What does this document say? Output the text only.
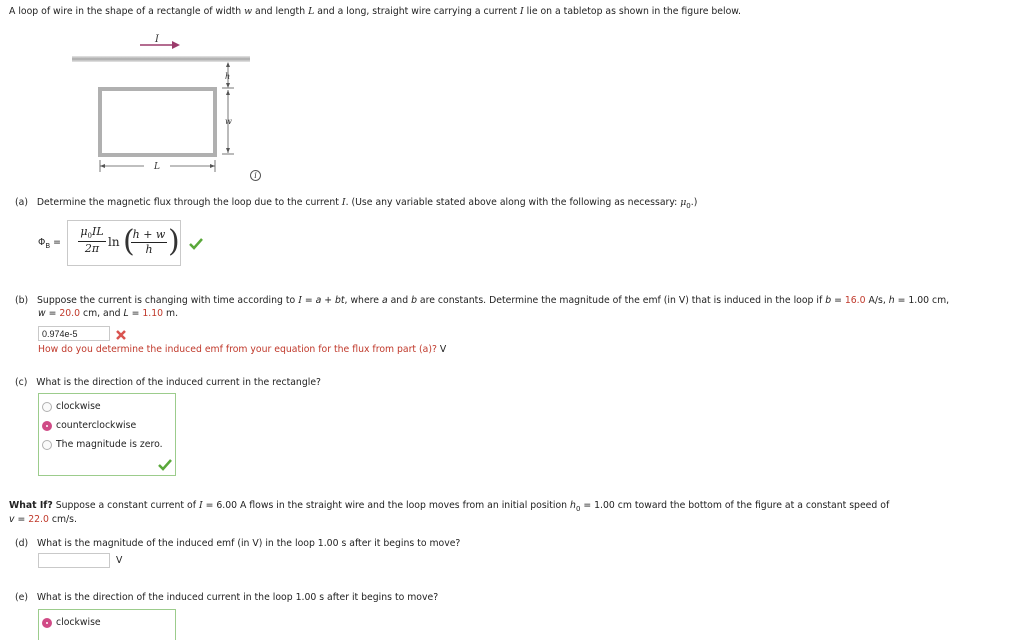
A loop of wire in the shape of a rectangle of width w and length L and a long, straight wire carrying a current I lie on a tabletop as shown in the figure below.
I
h
w
L
i
(a) Determine the magnetic flux through the loop due to the current I. (Use any variable stated above along with the following as necessary: $\mu_0$.)
$\Phi_B$ =
$\mu_0IL$
2π ln (
h + w
h )
(b) Suppose the current is changing with time according to I = a + bt, where a and b are constants. Determine the magnitude of the emf (in V) that is induced in the loop if b = 16.0 A/s, h = 1.00 cm,
w = 20.0 cm, and L = 1.10 m.
0.974e-5
How do you determine the induced emf from your equation for the flux from part (a)? V
(c) What is the direction of the induced current in the rectangle?
clockwise
counterclockwise
The magnitude is zero.
What If? Suppose a constant current of I = 6.00 A flows in the straight wire and the loop moves from an initial position $h_0 = 1.00$ cm toward the bottom of the figure at a constant speed of
v = 22.0 cm/s.
(d) What is the magnitude of the induced emf (in V) in the loop 1.00 s after it begins to move?
V
(e) What is the direction of the induced current in the loop 1.00 s after it begins to move?
clockwise
